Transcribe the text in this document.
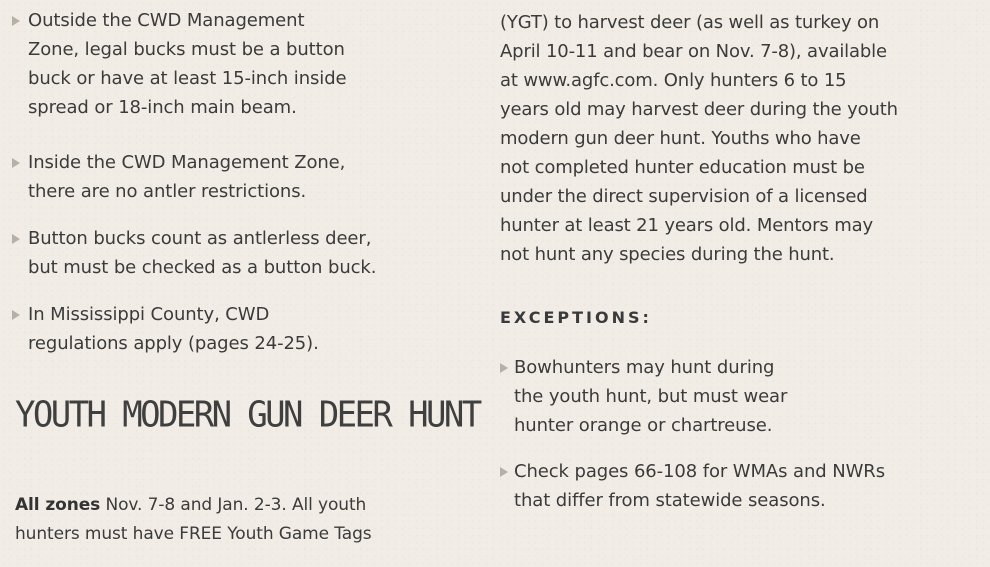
Outside the CWD Management
Zone, legal bucks must be a button
buck or have at least 15-inch inside
spread or 18-inch main beam.
Inside the CWD Management Zone,
there are no antler restrictions.
Button bucks count as antlerless deer,
but must be checked as a button buck.
In Mississippi County, CWD
regulations apply (pages 24-25).
YOUTH MODERN GUN DEER HUNT
All zones Nov. 7-8 and Jan. 2-3. All youth
hunters must have FREE Youth Game Tags
(YGT) to harvest deer (as well as turkey on
April 10-11 and bear on Nov. 7-8), available
at www.agfc.com. Only hunters 6 to 15
years old may harvest deer during the youth
modern gun deer hunt. Youths who have
not completed hunter education must be
under the direct supervision of a licensed
hunter at least 21 years old. Mentors may
not hunt any species during the hunt.
EXCEPTIONS:
Bowhunters may hunt during
the youth hunt, but must wear
hunter orange or chartreuse.
Check pages 66-108 for WMAs and NWRs
that differ from statewide seasons.
